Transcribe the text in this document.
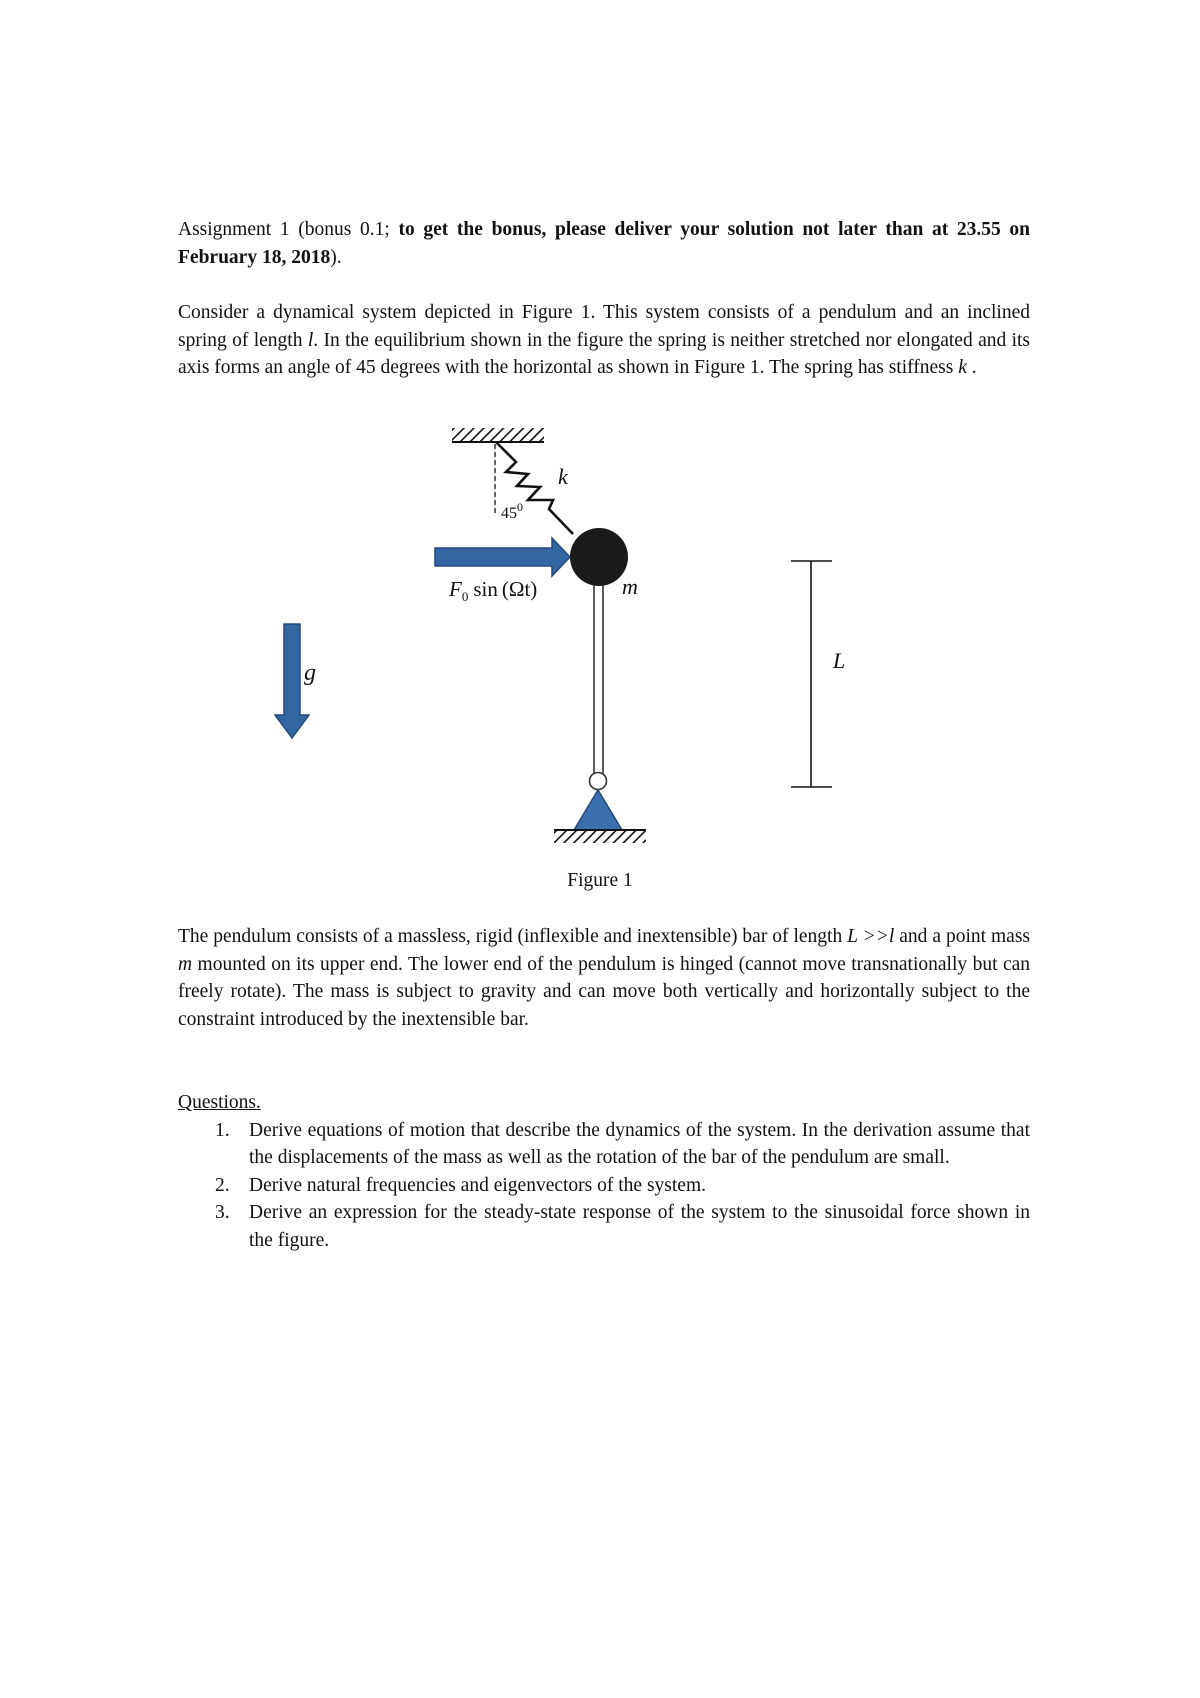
Assignment 1 (bonus 0.1; to get the bonus, please deliver your solution not later than at 23.55 on February 18, 2018).
Consider a dynamical system depicted in Figure 1. This system consists of a pendulum and an inclined spring of length l. In the equilibrium shown in the figure the spring is neither stretched nor elongated and its axis forms an angle of 45 degrees with the horizontal as shown in Figure 1. The spring has stiffness k .
k
$45^0$
$F_0$ sin (Ωt)	m
g	L
Figure 1
The pendulum consists of a massless, rigid (inflexible and inextensible) bar of length L >>l and a point mass m mounted on its upper end. The lower end of the pendulum is hinged (cannot move transnationally but can freely rotate). The mass is subject to gravity and can move both vertically and horizontally subject to the constraint introduced by the inextensible bar.
Questions.
1. Derive equations of motion that describe the dynamics of the system. In the derivation assume that the displacements of the mass as well as the rotation of the bar of the pendulum are small.
2. Derive natural frequencies and eigenvectors of the system.
3. Derive an expression for the steady-state response of the system to the sinusoidal force shown in the figure.
